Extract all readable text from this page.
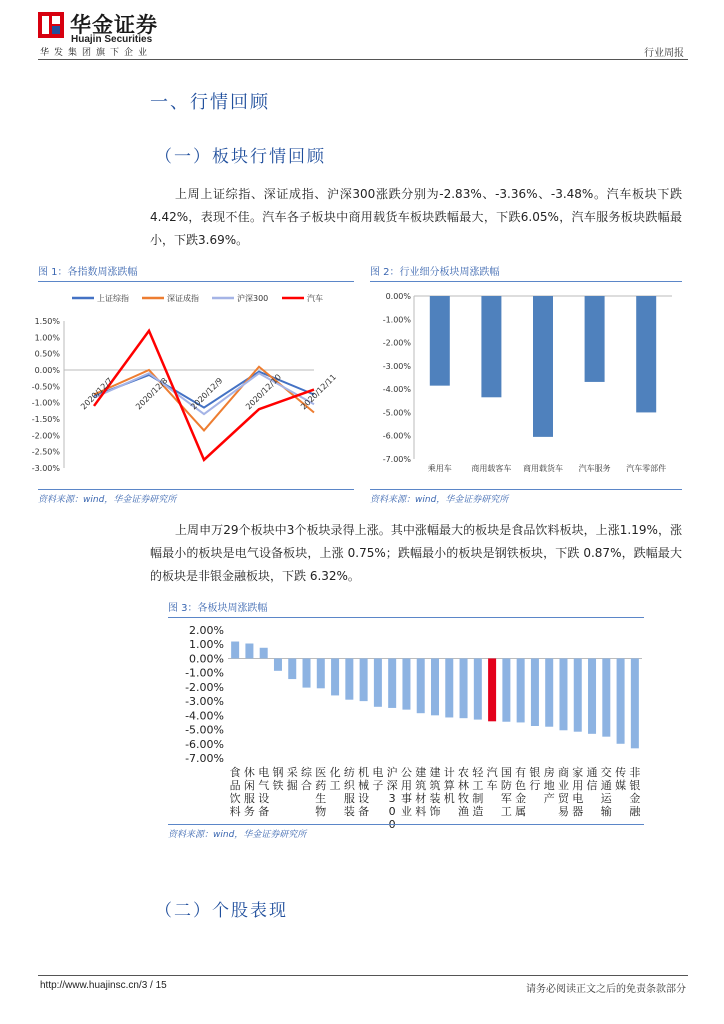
华金证券
Huajin Securities
华发集团旗下企业	行业周报
一、行情回顾
（一）板块行情回顾

上周上证综指、深证成指、沪深300涨跌分别为-2.83%、-3.36%、-3.48%。汽车板块下跌4.42%，表现不佳。汽车各子板块中商用载货车板块跌幅最大，下跌6.05%，汽车服务板块跌幅最小，下跌3.69%。

图 1：各指数周涨跌幅
1.50%
1.00%
0.50%
0.00%
-0.50%
-1.00%
-1.50%
-2.00%
-2.50%
-3.00%
上证综指	深证成指	沪深300	汽车
2020/12/7 2020/12/8 2020/12/9 2020/12/10 2020/12/11
资料来源：wind，华金证券研究所
图 2：行业细分板块周涨跌幅
0.00%
-1.00%
-2.00%
-3.00%
-4.00%
-5.00%
-6.00%
-7.00%
乘用车 商用载客车 商用载货车 汽车服务 汽车零部件
资料来源：wind，华金证券研究所

上周申万29个板块中3个板块录得上涨。其中涨幅最大的板块是食品饮料板块，上涨1.19%，涨幅最小的板块是电气设备板块，上涨 0.75%；跌幅最小的板块是钢铁板块，下跌 0.87%，跌幅最大的板块是非银金融板块，下跌 6.32%。

图 3：各板块周涨跌幅
2.00%
1.00%
0.00%
-1.00%
-2.00%
-3.00%
-4.00%
-5.00%
-6.00%
-7.00%
食品饮料
休闲服务
电气设备
钢铁
采掘
综合
医药生物
化工
纺织服装
机械设备
电子
沪深 3 0 0
公用事业
建筑材料
建筑装饰
计算机
农林牧渔
轻工制造
汽车
国防军工
有色金属
银行
房地产
商业贸易
家用电器
通信
交通运输
传媒
非银金融
资料来源：wind，华金证券研究所
（二）个股表现
http://www.huajinsc.cn/3 / 15	请务必阅读正文之后的免责条款部分
